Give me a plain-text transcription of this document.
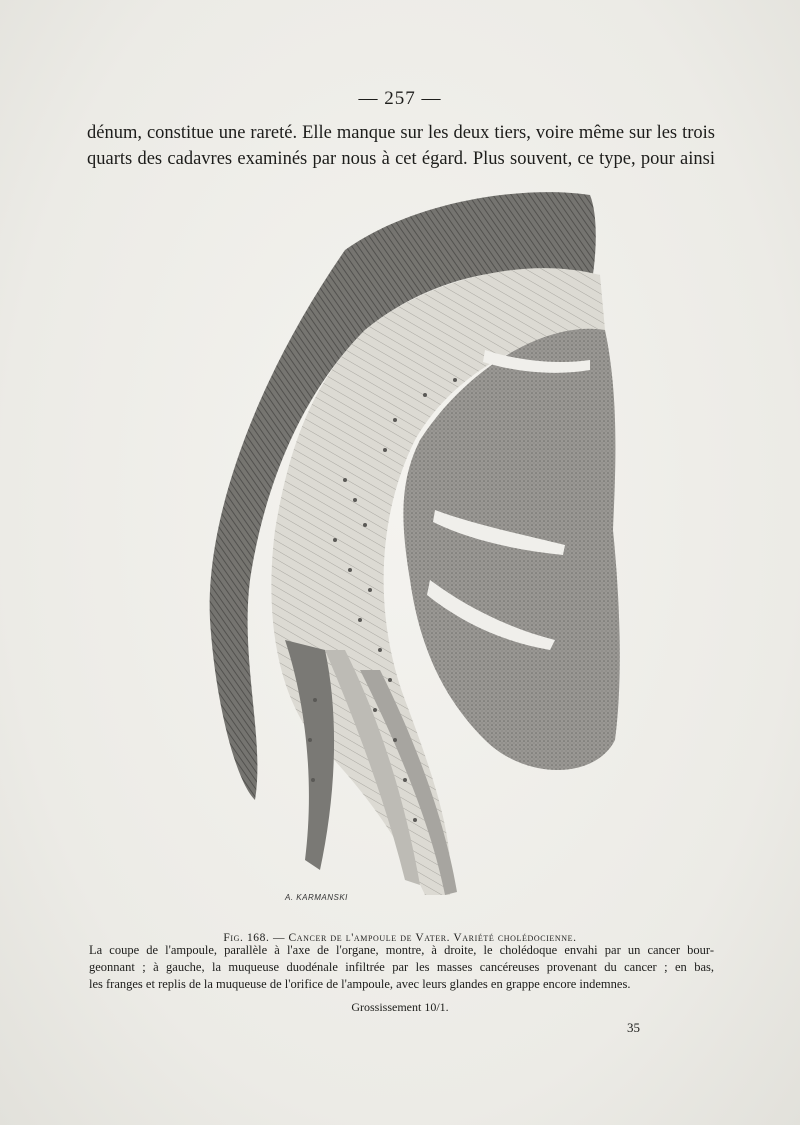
— 257 —
dénum, constitue une rareté. Elle manque sur les deux tiers, voire même sur les trois
quarts des cadavres examinés par nous à cet égard. Plus souvent, ce type, pour ainsi
A. KARMANSKI
Fig. 168. — Cancer de l'ampoule de Vater. Variété cholédocienne.
La coupe de l'ampoule, parallèle à l'axe de l'organe, montre, à droite, le cholédoque envahi par un cancer bour-
geonnant ; à gauche, la muqueuse duodénale infiltrée par les masses cancéreuses provenant du cancer ; en bas,
les franges et replis de la muqueuse de l'orifice de l'ampoule, avec leurs glandes en grappe encore indemnes.
Grossissement 10/1.
35
